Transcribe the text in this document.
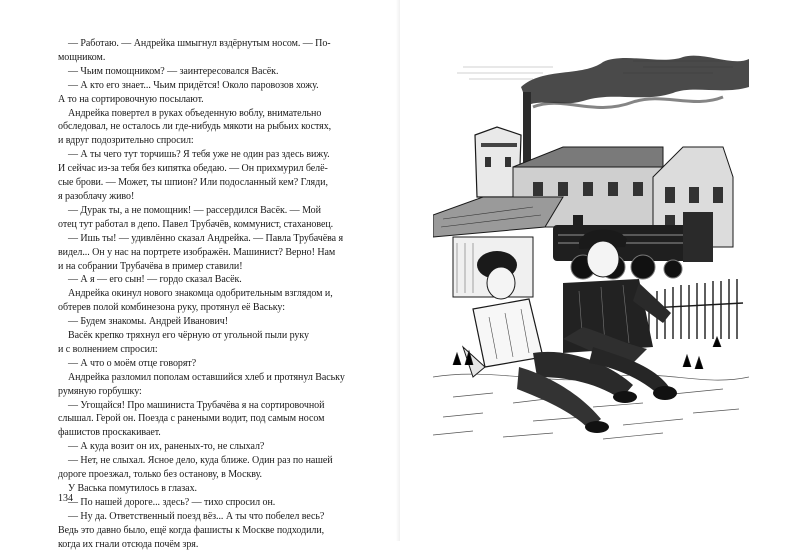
— Работаю. — Андрейка шмыгнул вздёрнутым носом. — По-
мощником.
— Чьим помощником? — заинтересовался Васёк.
— А кто его знает... Чьим придётся! Около паровозов хожу.
А то на сортировочную посылают.
Андрейка повертел в руках объеденную воблу, внимательно
обследовал, не осталось ли где-нибудь мякоти на рыбьих костях,
и вдруг подозрительно спросил:
— А ты чего тут торчишь? Я тебя уже не один раз здесь вижу.
И сейчас из-за тебя без кипятка обедаю. — Он прихмурил белё-
сые брови. — Может, ты шпион? Или подосланный кем? Гляди,
я разоблачу живо!
— Дурак ты, а не помощник! — рассердился Васёк. — Мой
отец тут работал в депо. Павел Трубачёв, коммунист, стахановец.
— Ишь ты! — удивлённо сказал Андрейка. — Павла Трубачёва я
видел... Он у нас на портрете изображён. Машинист? Верно! Нам
и на собрании Трубачёва в пример ставили!
— А я — его сын! — гордо сказал Васёк.
Андрейка окинул нового знакомца одобрительным взглядом и,
обтерев полой комбинезона руку, протянул её Ваську:
— Будем знакомы. Андрей Иванович!
Васёк крепко тряхнул его чёрную от угольной пыли руку
и с волнением спросил:
— А что о моём отце говорят?
Андрейка разломил пополам оставшийся хлеб и протянул Ваську
румяную горбушку:
— Угощайся! Про машиниста Трубачёва я на сортировочной
слышал. Герой он. Поезда с ранеными водит, под самым носом
фашистов проскакивает.
— А куда возит он их, раненых-то, не слыхал?
— Нет, не слыхал. Ясное дело, куда ближе. Один раз по нашей
дороге проезжал, только без останову, в Москву.
У Васька помутилось в глазах.
— По нашей дороге... здесь? — тихо спросил он.
— Ну да. Ответственный поезд вёз... А ты что побелел весь?
Ведь это давно было, ещё когда фашисты к Москве подходили,
когда их гнали отсюда почём зря.
134
